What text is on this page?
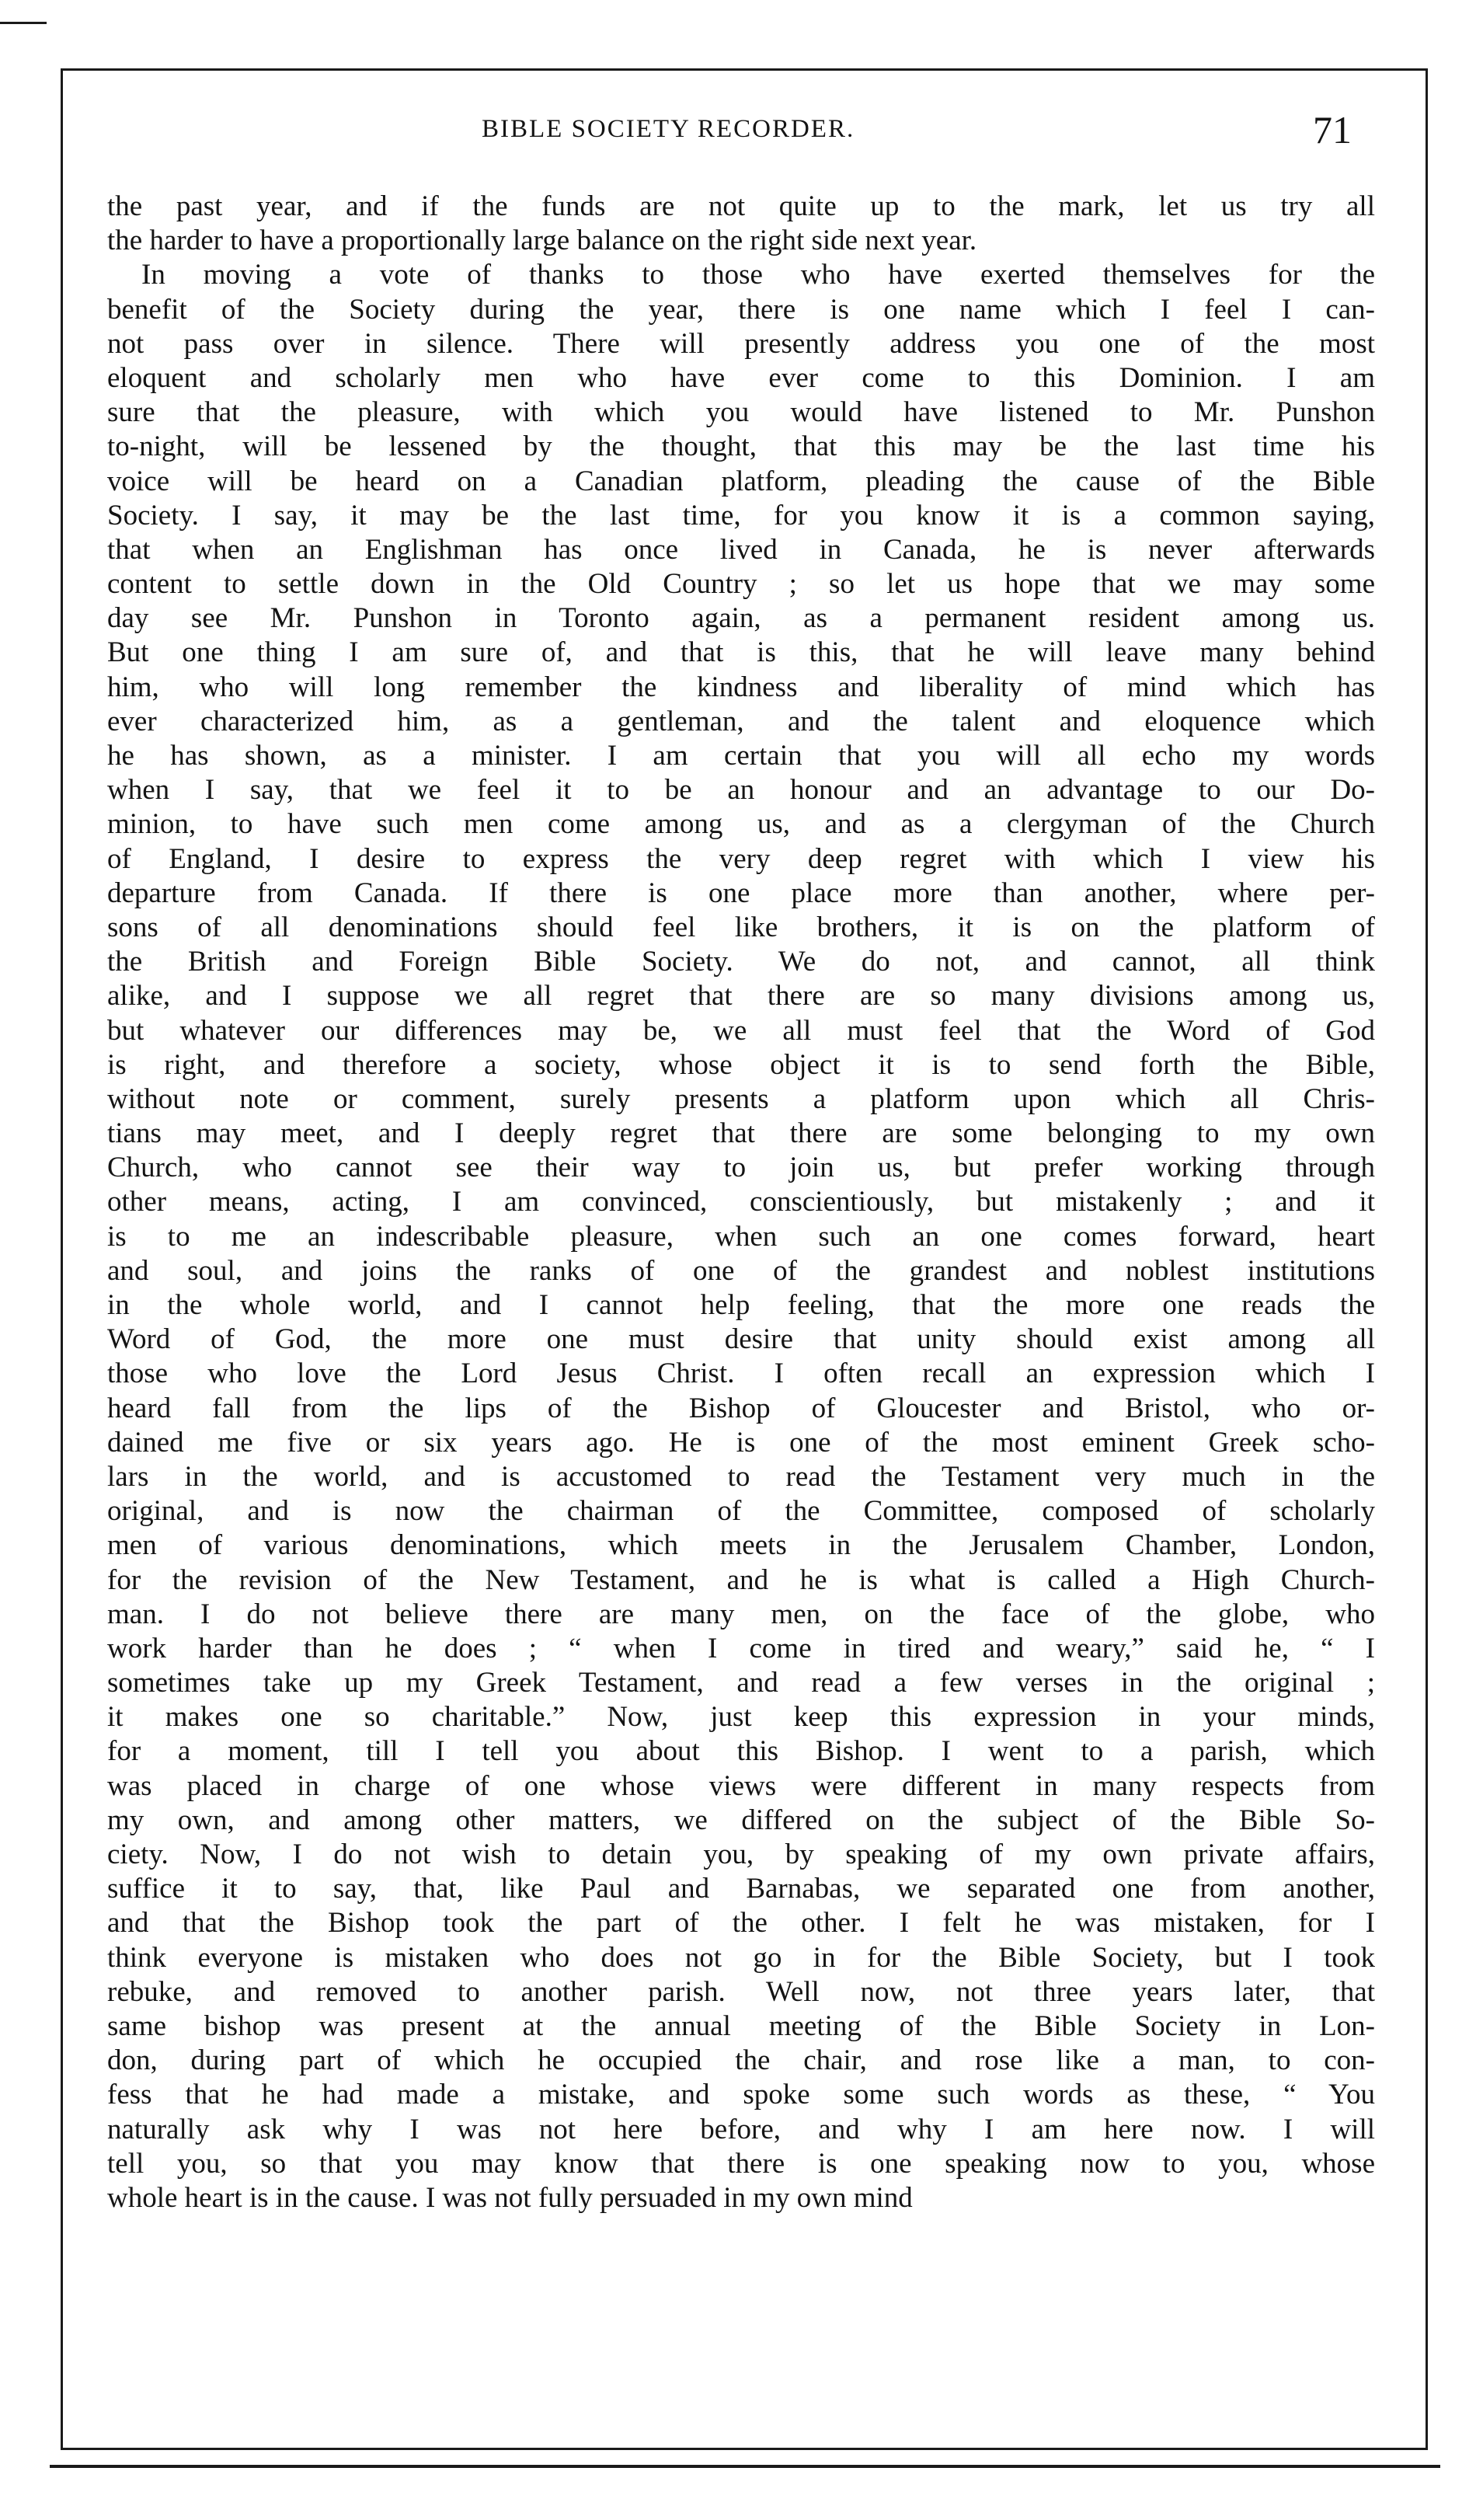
BIBLE SOCIETY RECORDER.	71
the past year, and if the funds are not quite up to the mark, let us try all
the harder to have a proportionally large balance on the right side next year.
In moving a vote of thanks to those who have exerted themselves for the
benefit of the Society during the year, there is one name which I feel I can-
not pass over in silence. There will presently address you one of the most
eloquent and scholarly men who have ever come to this Dominion. I am
sure that the pleasure, with which you would have listened to Mr. Punshon
to-night, will be lessened by the thought, that this may be the last time his
voice will be heard on a Canadian platform, pleading the cause of the Bible
Society. I say, it may be the last time, for you know it is a common saying,
that when an Englishman has once lived in Canada, he is never afterwards
content to settle down in the Old Country ; so let us hope that we may some
day see Mr. Punshon in Toronto again, as a permanent resident among us.
But one thing I am sure of, and that is this, that he will leave many behind
him, who will long remember the kindness and liberality of mind which has
ever characterized him, as a gentleman, and the talent and eloquence which
he has shown, as a minister. I am certain that you will all echo my words
when I say, that we feel it to be an honour and an advantage to our Do-
minion, to have such men come among us, and as a clergyman of the Church
of England, I desire to express the very deep regret with which I view his
departure from Canada. If there is one place more than another, where per-
sons of all denominations should feel like brothers, it is on the platform of
the British and Foreign Bible Society. We do not, and cannot, all think
alike, and I suppose we all regret that there are so many divisions among us,
but whatever our differences may be, we all must feel that the Word of God
is right, and therefore a society, whose object it is to send forth the Bible,
without note or comment, surely presents a platform upon which all Chris-
tians may meet, and I deeply regret that there are some belonging to my own
Church, who cannot see their way to join us, but prefer working through
other means, acting, I am convinced, conscientiously, but mistakenly ; and it
is to me an indescribable pleasure, when such an one comes forward, heart
and soul, and joins the ranks of one of the grandest and noblest institutions
in the whole world, and I cannot help feeling, that the more one reads the
Word of God, the more one must desire that unity should exist among all
those who love the Lord Jesus Christ. I often recall an expression which I
heard fall from the lips of the Bishop of Gloucester and Bristol, who or-
dained me five or six years ago. He is one of the most eminent Greek scho-
lars in the world, and is accustomed to read the Testament very much in the
original, and is now the chairman of the Committee, composed of scholarly
men of various denominations, which meets in the Jerusalem Chamber, London,
for the revision of the New Testament, and he is what is called a High Church-
man. I do not believe there are many men, on the face of the globe, who
work harder than he does ; “ when I come in tired and weary,” said he, “ I
sometimes take up my Greek Testament, and read a few verses in the original ;
it makes one so charitable.” Now, just keep this expression in your minds,
for a moment, till I tell you about this Bishop. I went to a parish, which
was placed in charge of one whose views were different in many respects from
my own, and among other matters, we differed on the subject of the Bible So-
ciety. Now, I do not wish to detain you, by speaking of my own private affairs,
suffice it to say, that, like Paul and Barnabas, we separated one from another,
and that the Bishop took the part of the other. I felt he was mistaken, for I
think everyone is mistaken who does not go in for the Bible Society, but I took
rebuke, and removed to another parish. Well now, not three years later, that
same bishop was present at the annual meeting of the Bible Society in Lon-
don, during part of which he occupied the chair, and rose like a man, to con-
fess that he had made a mistake, and spoke some such words as these, “ You
naturally ask why I was not here before, and why I am here now. I will
tell you, so that you may know that there is one speaking now to you, whose
whole heart is in the cause. I was not fully persuaded in my own mind
